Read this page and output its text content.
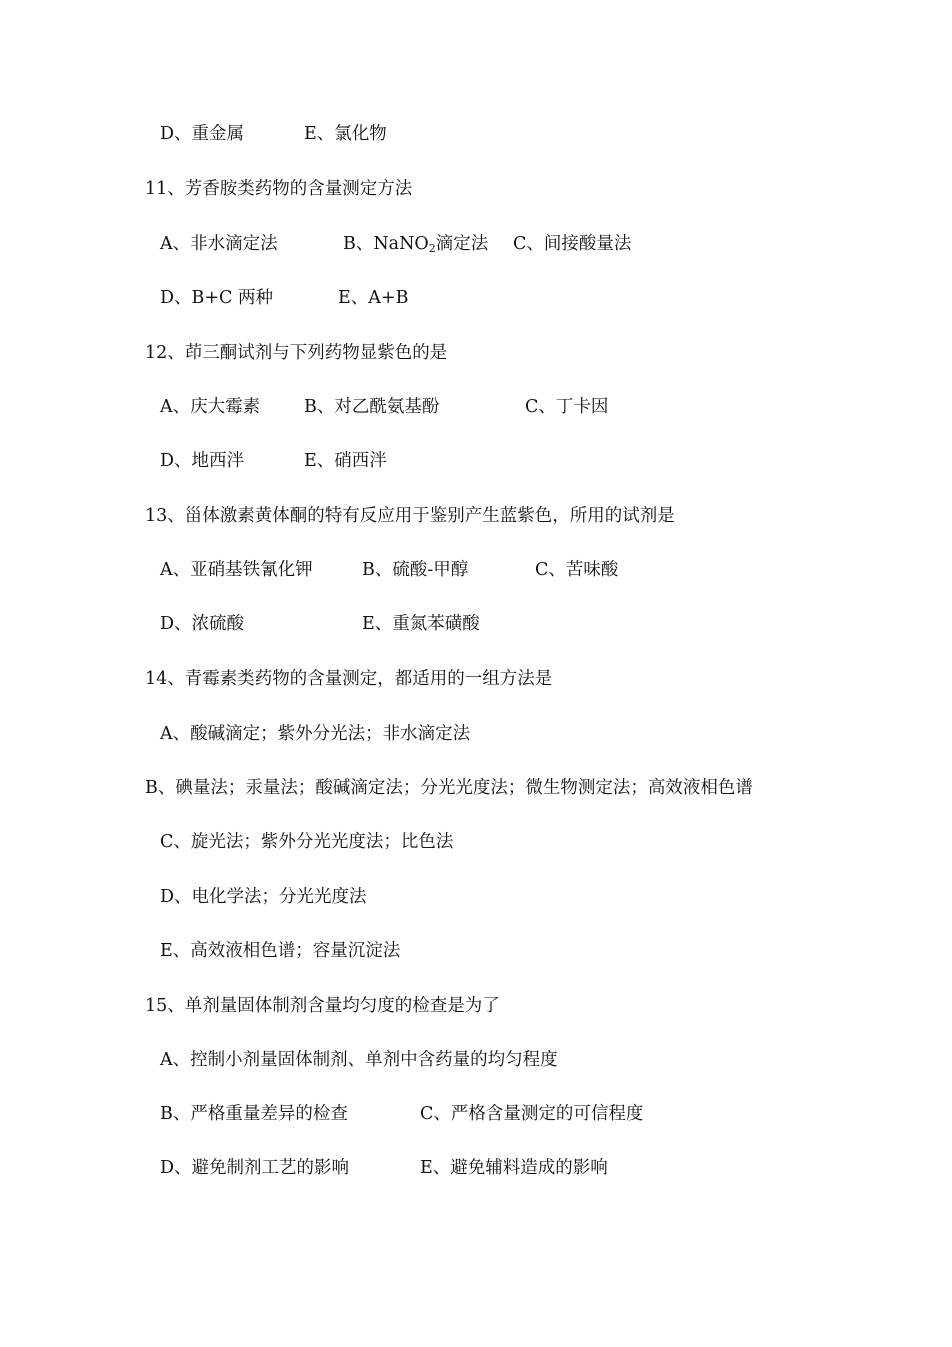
D、重金属	E、氯化物
11、芳香胺类药物的含量测定方法
A、非水滴定法	B、NaNO$_2$滴定法 C、间接酸量法
D、B+C 两种	E、A+B
12、茚三酮试剂与下列药物显紫色的是
A、庆大霉素	B、对乙酰氨基酚	C、丁卡因
D、地西泮	E、硝西泮
13、甾体激素黄体酮的特有反应用于鉴别产生蓝紫色，所用的试剂是
A、亚硝基铁氰化钾	B、硫酸-甲醇	C、苦味酸
D、浓硫酸	E、重氮苯磺酸
14、青霉素类药物的含量测定，都适用的一组方法是
A、酸碱滴定；紫外分光法；非水滴定法
B、碘量法；汞量法；酸碱滴定法；分光光度法；微生物测定法；高效液相色谱
C、旋光法；紫外分光光度法；比色法
D、电化学法；分光光度法
E、高效液相色谱；容量沉淀法
15、单剂量固体制剂含量均匀度的检查是为了
A、控制小剂量固体制剂、单剂中含药量的均匀程度
B、严格重量差异的检查	C、严格含量测定的可信程度
D、避免制剂工艺的影响	E、避免辅料造成的影响
